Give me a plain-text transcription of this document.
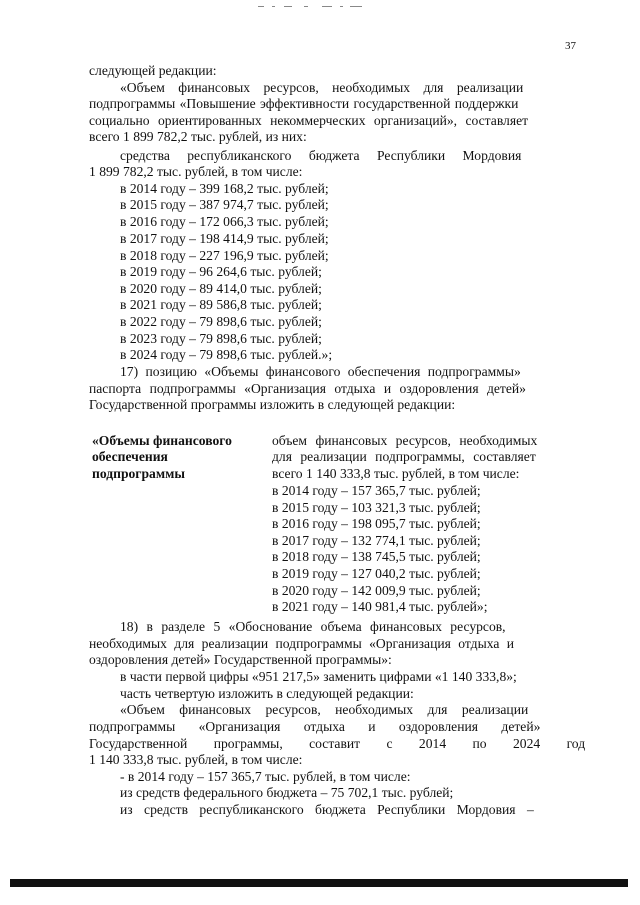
37
следующей редакции:
«Объем финансовых ресурсов, необходимых для реализации
подпрограммы «Повышение эффективности государственной поддержки
социально ориентированных некоммерческих организаций», составляет
всего 1 899 782,2 тыс. рублей, из них:
средства республиканского бюджета Республики Мордовия
1 899 782,2 тыс. рублей, в том числе:
в 2014 году – 399 168,2 тыс. рублей;
в 2015 году – 387 974,7 тыс. рублей;
в 2016 году – 172 066,3 тыс. рублей;
в 2017 году – 198 414,9 тыс. рублей;
в 2018 году – 227 196,9 тыс. рублей;
в 2019 году – 96 264,6 тыс. рублей;
в 2020 году – 89 414,0 тыс. рублей;
в 2021 году – 89 586,8 тыс. рублей;
в 2022 году – 79 898,6 тыс. рублей;
в 2023 году – 79 898,6 тыс. рублей;
в 2024 году – 79 898,6 тыс. рублей.»;
17) позицию «Объемы финансового обеспечения подпрограммы»
паспорта подпрограммы «Организация отдыха и оздоровления детей»
Государственной программы изложить в следующей редакции:
«Объемы финансового
обеспечения
подпрограммы
объем финансовых ресурсов, необходимых
для реализации подпрограммы, составляет
всего 1 140 333,8 тыс. рублей, в том числе:
в 2014 году – 157 365,7 тыс. рублей;
в 2015 году – 103 321,3 тыс. рублей;
в 2016 году – 198 095,7 тыс. рублей;
в 2017 году – 132 774,1 тыс. рублей;
в 2018 году – 138 745,5 тыс. рублей;
в 2019 году – 127 040,2 тыс. рублей;
в 2020 году – 142 009,9 тыс. рублей;
в 2021 году – 140 981,4 тыс. рублей»;
18) в разделе 5 «Обоснование объема финансовых ресурсов,
необходимых для реализации подпрограммы «Организация отдыха и
оздоровления детей» Государственной программы»:
в части первой цифры «951 217,5» заменить цифрами «1 140 333,8»;
часть четвертую изложить в следующей редакции:
«Объем финансовых ресурсов, необходимых для реализации
подпрограммы «Организация отдыха и оздоровления детей»
Государственной программы, составит с 2014 по 2024 год
1 140 333,8 тыс. рублей, в том числе:
- в 2014 году – 157 365,7 тыс. рублей, в том числе:
из средств федерального бюджета – 75 702,1 тыс. рублей;
из средств республиканского бюджета Республики Мордовия –
